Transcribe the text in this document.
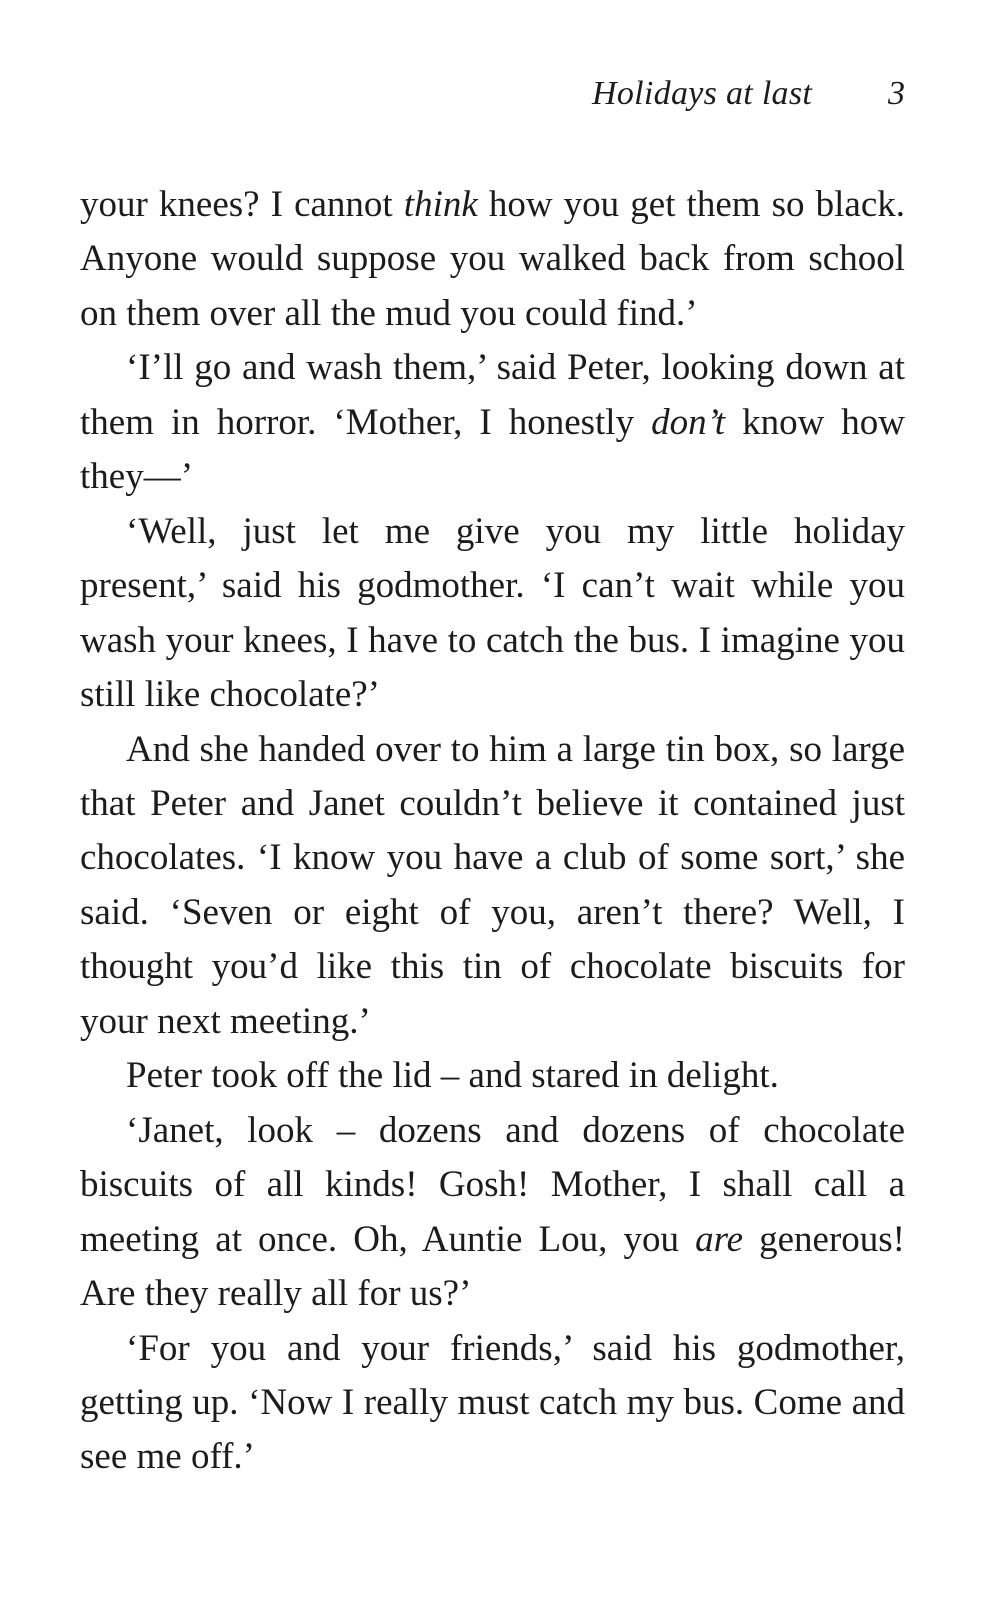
Holidays at last 3

your knees? I cannot think how you get them so black. Anyone would suppose you walked back from school on them over all the mud you could find.’

‘I’ll go and wash them,’ said Peter, looking down at them in horror. ‘Mother, I honestly don’t know how they—’

‘Well, just let me give you my little holiday present,’ said his godmother. ‘I can’t wait while you wash your knees, I have to catch the bus. I imagine you still like chocolate?’

And she handed over to him a large tin box, so large that Peter and Janet couldn’t believe it contained just chocolates. ‘I know you have a club of some sort,’ she said. ‘Seven or eight of you, aren’t there? Well, I thought you’d like this tin of chocolate biscuits for your next meeting.’

Peter took off the lid – and stared in delight.

‘Janet, look – dozens and dozens of chocolate biscuits of all kinds! Gosh! Mother, I shall call a meeting at once. Oh, Auntie Lou, you are generous! Are they really all for us?’

‘For you and your friends,’ said his godmother, getting up. ‘Now I really must catch my bus. Come and see me off.’
